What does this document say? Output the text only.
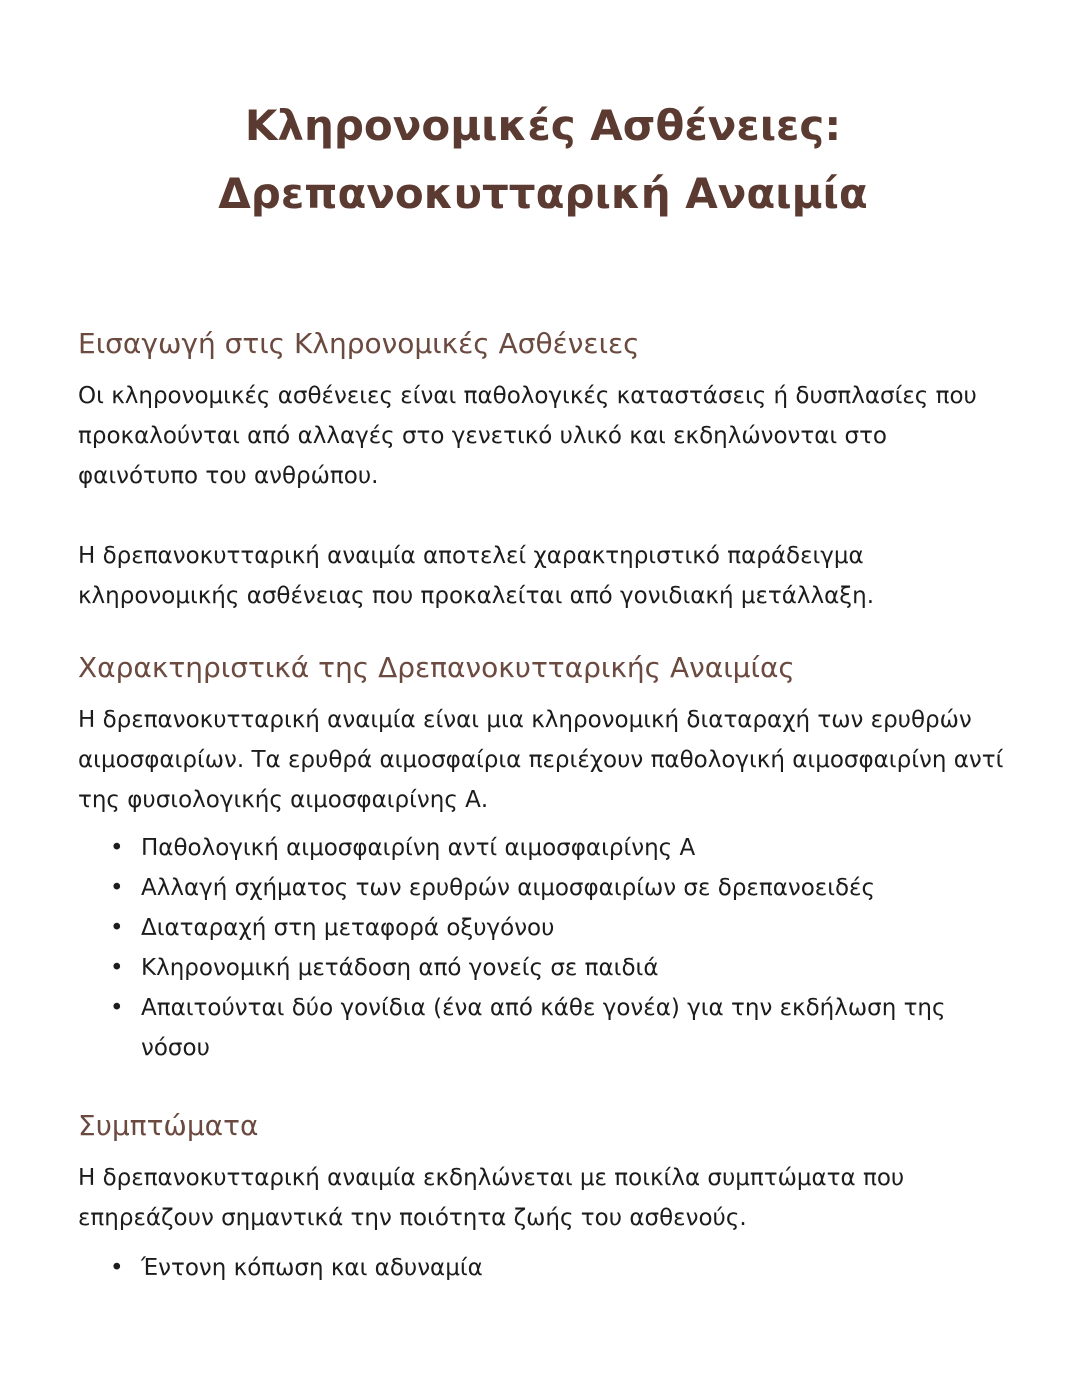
Κληρονομικές Ασθένειες:
Δρεπανοκυτταρική Αναιμία
Εισαγωγή στις Κληρονομικές Ασθένειες

Οι κληρονομικές ασθένειες είναι παθολογικές καταστάσεις ή δυσπλασίες που προκαλούνται από αλλαγές στο γενετικό υλικό και εκδηλώνονται στο φαινότυπο του ανθρώπου.

Η δρεπανοκυτταρική αναιμία αποτελεί χαρακτηριστικό παράδειγμα κληρονομικής ασθένειας που προκαλείται από γονιδιακή μετάλλαξη.

Χαρακτηριστικά της Δρεπανοκυτταρικής Αναιμίας

Η δρεπανοκυτταρική αναιμία είναι μια κληρονομική διαταραχή των ερυθρών αιμοσφαιρίων. Τα ερυθρά αιμοσφαίρια περιέχουν παθολογική αιμοσφαιρίνη αντί της φυσιολογικής αιμοσφαιρίνης Α.

• Παθολογική αιμοσφαιρίνη αντί αιμοσφαιρίνης Α
• Αλλαγή σχήματος των ερυθρών αιμοσφαιρίων σε δρεπανοειδές
• Διαταραχή στη μεταφορά οξυγόνου
• Κληρονομική μετάδοση από γονείς σε παιδιά
• Απαιτούνται δύο γονίδια (ένα από κάθε γονέα) για την εκδήλωση της νόσου
Συμπτώματα

Η δρεπανοκυτταρική αναιμία εκδηλώνεται με ποικίλα συμπτώματα που επηρεάζουν σημαντικά την ποιότητα ζωής του ασθενούς.

• Έντονη κόπωση και αδυναμία
